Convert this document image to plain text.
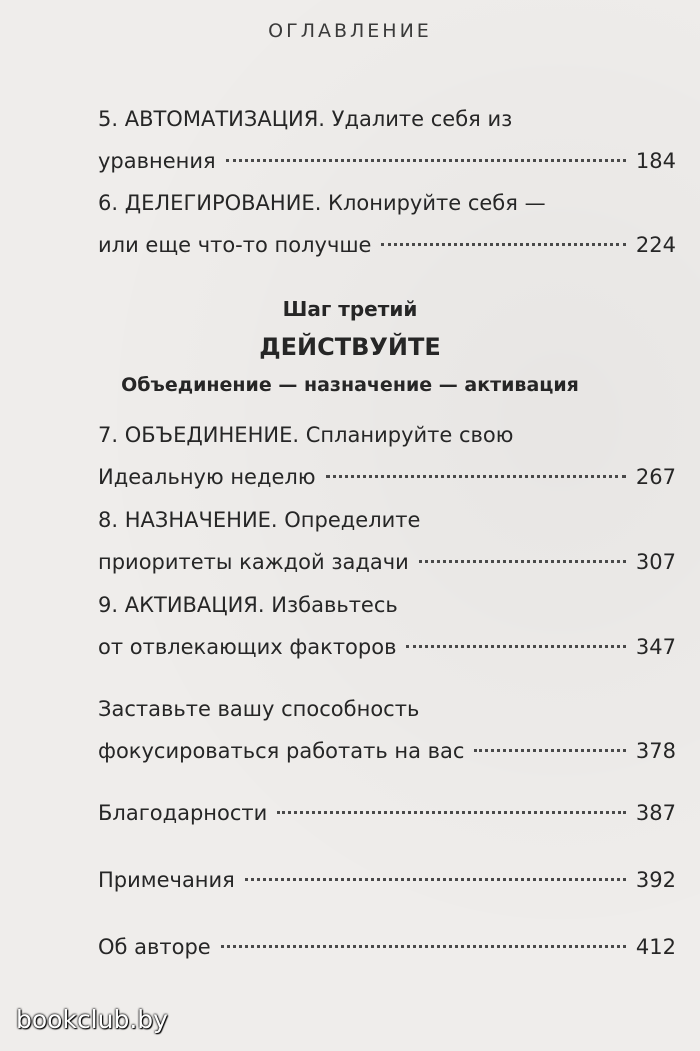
ОГЛАВЛЕНИЕ
5. АВТОМАТИЗАЦИЯ. Удалите себя из
уравнения	184
6. ДЕЛЕГИРОВАНИЕ. Клонируйте себя —
или еще что-то получше	224
Шаг третий
ДЕЙСТВУЙТЕ
Объединение — назначение — активация
7. ОБЪЕДИНЕНИЕ. Спланируйте свою
Идеальную неделю	267
8. НАЗНАЧЕНИЕ. Определите
приоритеты каждой задачи	307
9. АКТИВАЦИЯ. Избавьтесь
от отвлекающих факторов	347
Заставьте вашу способность
фокусироваться работать на вас	378
Благодарности	387
Примечания	392
Об авторе	412
bookclub.by
